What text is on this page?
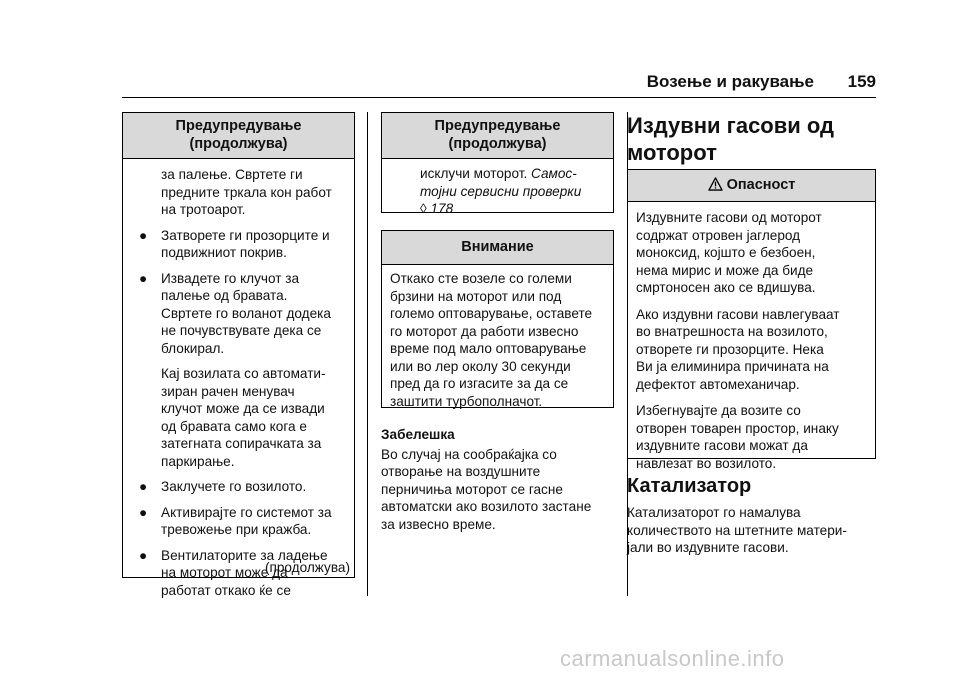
Возење и ракување 159
Предупредување
(продолжува)

за палење. Свртете ги
предните тркала кон работ
на тротоарот.

● Затворете ги прозорците и
подвижниот покрив.

● Извадете го клучот за
палење од бравата.
Свртете го воланот додека
не почувствувате дека се
блокирал.

Кај возилата со автомати-
зиран рачен менувач
клучот може да се извади
од бравата само кога е
затегната сопирачката за
паркирање.

● Заклучете го возилото.

● Активирајте го системот за
тревожење при кражба.

● Вентилаторите за ладење
на моторот може да
работат откако ќе се

(продолжува)
Предупредување
(продолжува)
исклучи моторот. Самос-
тојни сервисни проверки
◊ 178
Внимание
Откако сте возеле со големи
брзини на моторот или под
големо оптоварување, оставете
го моторот да работи извесно
време под мало оптоварување
или во лер околу 30 секунди
пред да го изгасите за да се
заштити турбополначот.
Забелешка
Во случај на сообраќајка со
отворање на воздушните
перничиња моторот се гасне
автоматски ако возилото застане
за извесно време.
Издувни гасови од
моторот
Опасност

Издувните гасови од моторот
содржат отровен јаглерод
моноксид, којшто е безбоен,
нема мирис и може да биде
смртоносен ако се вдишува.

Ако издувни гасови навлегуваат
во внатрешноста на возилото,
отворете ги прозорците. Нека
Ви ја елиминира причината на
дефектот автомеханичар.

Избегнувајте да возите со
отворен товарен простор, инаку
издувните гасови можат да
навлезат во возилото.

Катализатор
Катализаторот го намалува
количеството на штетните матери-
јали во издувните гасови.
carmanualsonline.info
